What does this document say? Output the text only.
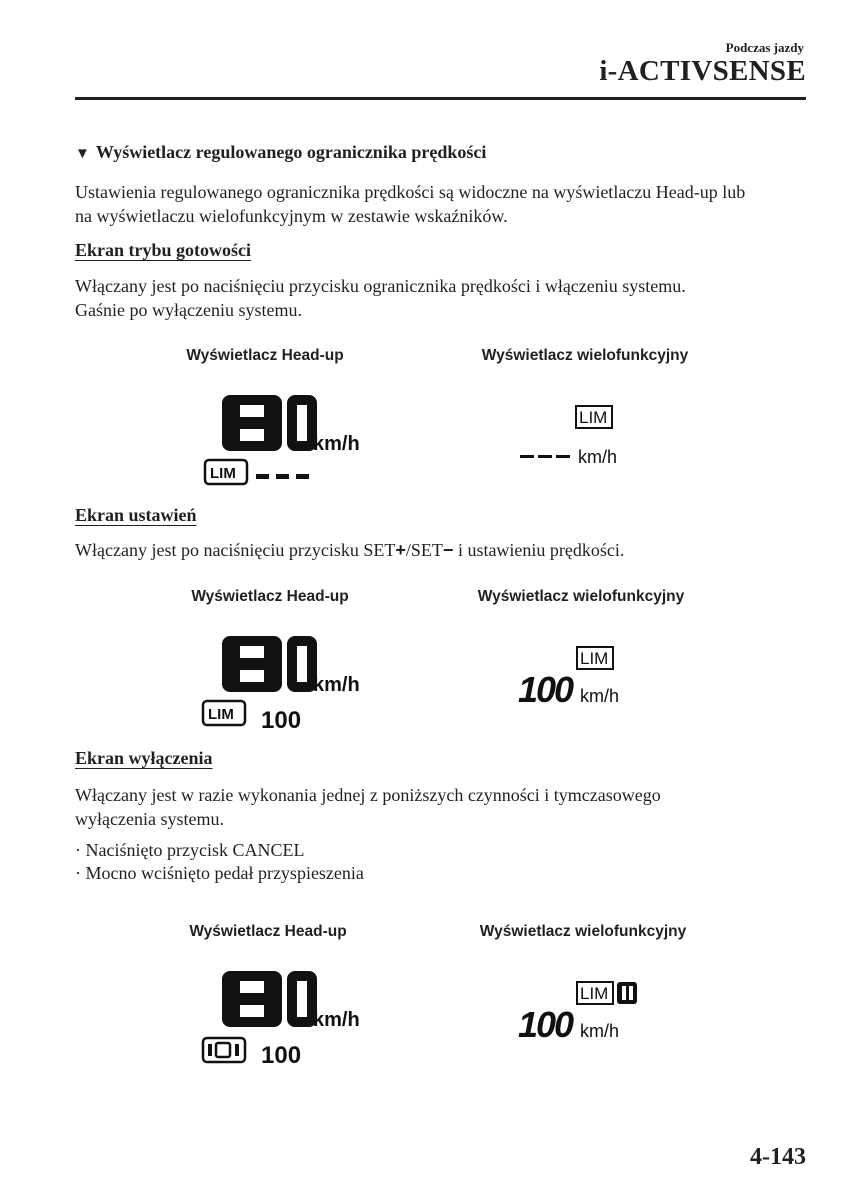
Podczas jazdy
i-ACTIVSENSE
▼ Wyświetlacz regulowanego ogranicznika prędkości
Ustawienia regulowanego ogranicznika prędkości są widoczne na wyświetlaczu Head-up lub
na wyświetlaczu wielofunkcyjnym w zestawie wskaźników.
Ekran trybu gotowości
Włączany jest po naciśnięciu przycisku ogranicznika prędkości i włączeniu systemu.
Gaśnie po wyłączeniu systemu.
Wyświetlacz Head-up	Wyświetlacz wielofunkcyjny
km/h
LIM
LIM
km/h
km/h
LIM 100
LIM
100 km/h
km/h
100
LIM
100 km/h
Ekran ustawień
Włączany jest po naciśnięciu przycisku SET+/SET− i ustawieniu prędkości.
Wyświetlacz Head-up	Wyświetlacz wielofunkcyjny
Ekran wyłączenia
Włączany jest w razie wykonania jednej z poniższych czynności i tymczasowego
wyłączenia systemu.
· Naciśnięto przycisk CANCEL
· Mocno wciśnięto pedał przyspieszenia
Wyświetlacz Head-up	Wyświetlacz wielofunkcyjny
4-143
